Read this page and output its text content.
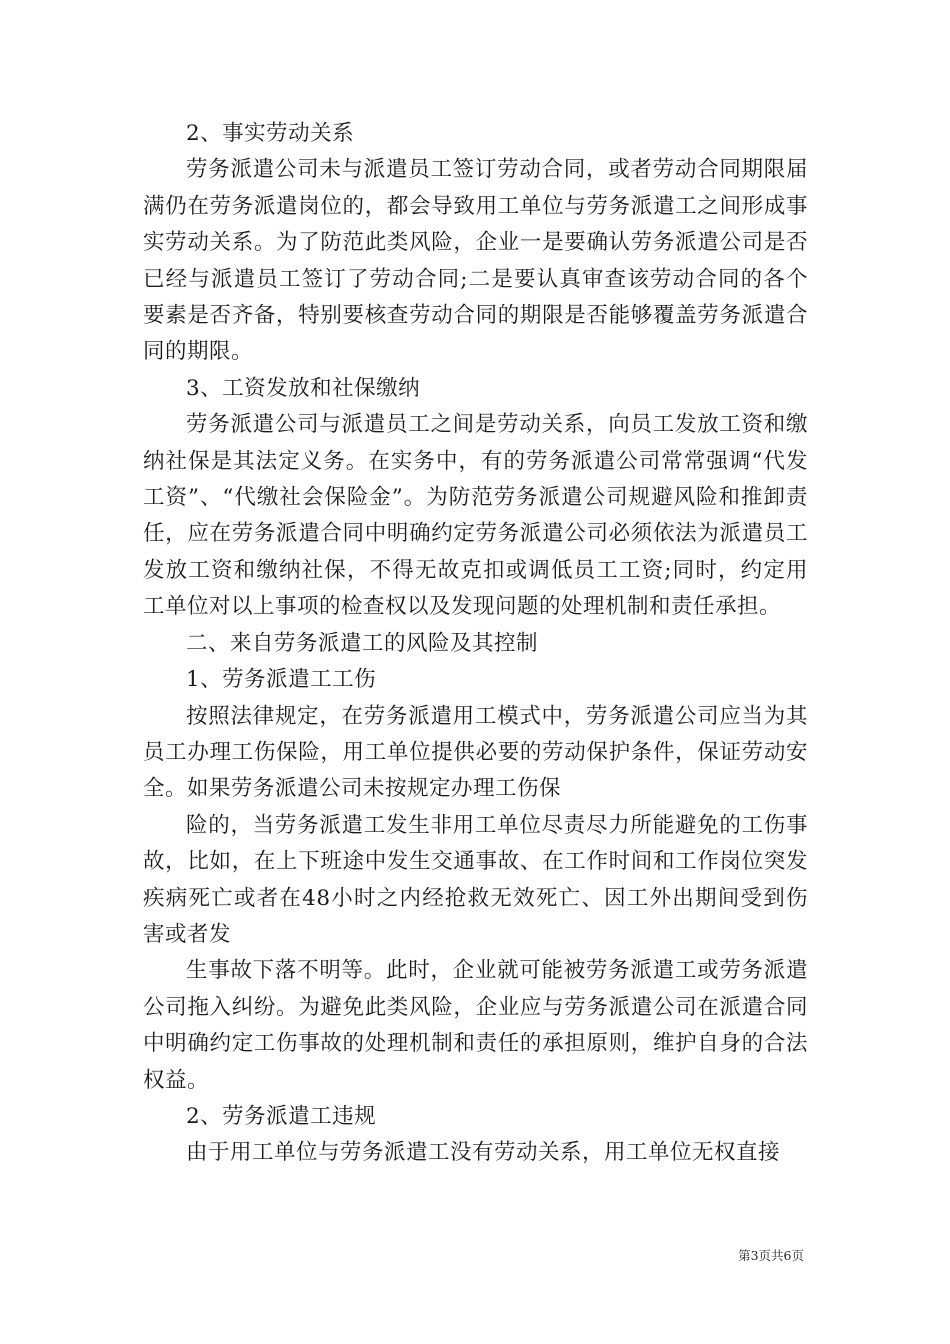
2、事实劳动关系

劳务派遣公司未与派遣员工签订劳动合同，或者劳动合同期限届满仍在劳务派遣岗位的，都会导致用工单位与劳务派遣工之间形成事实劳动关系。为了防范此类风险，企业一是要确认劳务派遣公司是否已经与派遣员工签订了劳动合同;二是要认真审查该劳动合同的各个要素是否齐备，特别要核查劳动合同的期限是否能够覆盖劳务派遣合同的期限。

3、工资发放和社保缴纳

劳务派遣公司与派遣员工之间是劳动关系，向员工发放工资和缴纳社保是其法定义务。在实务中，有的劳务派遣公司常常强调“代发工资”、“代缴社会保险金”。为防范劳务派遣公司规避风险和推卸责任，应在劳务派遣合同中明确约定劳务派遣公司必须依法为派遣员工发放工资和缴纳社保，不得无故克扣或调低员工工资;同时，约定用工单位对以上事项的检查权以及发现问题的处理机制和责任承担。

二、来自劳务派遣工的风险及其控制

1、劳务派遣工工伤

按照法律规定，在劳务派遣用工模式中，劳务派遣公司应当为其员工办理工伤保险，用工单位提供必要的劳动保护条件，保证劳动安全。如果劳务派遣公司未按规定办理工伤保

险的，当劳务派遣工发生非用工单位尽责尽力所能避免的工伤事故，比如，在上下班途中发生交通事故、在工作时间和工作岗位突发疾病死亡或者在48小时之内经抢救无效死亡、因工外出期间受到伤害或者发

生事故下落不明等。此时，企业就可能被劳务派遣工或劳务派遣公司拖入纠纷。为避免此类风险，企业应与劳务派遣公司在派遣合同中明确约定工伤事故的处理机制和责任的承担原则，维护自身的合法权益。

2、劳务派遣工违规

由于用工单位与劳务派遣工没有劳动关系，用工单位无权直接

第3页共6页
